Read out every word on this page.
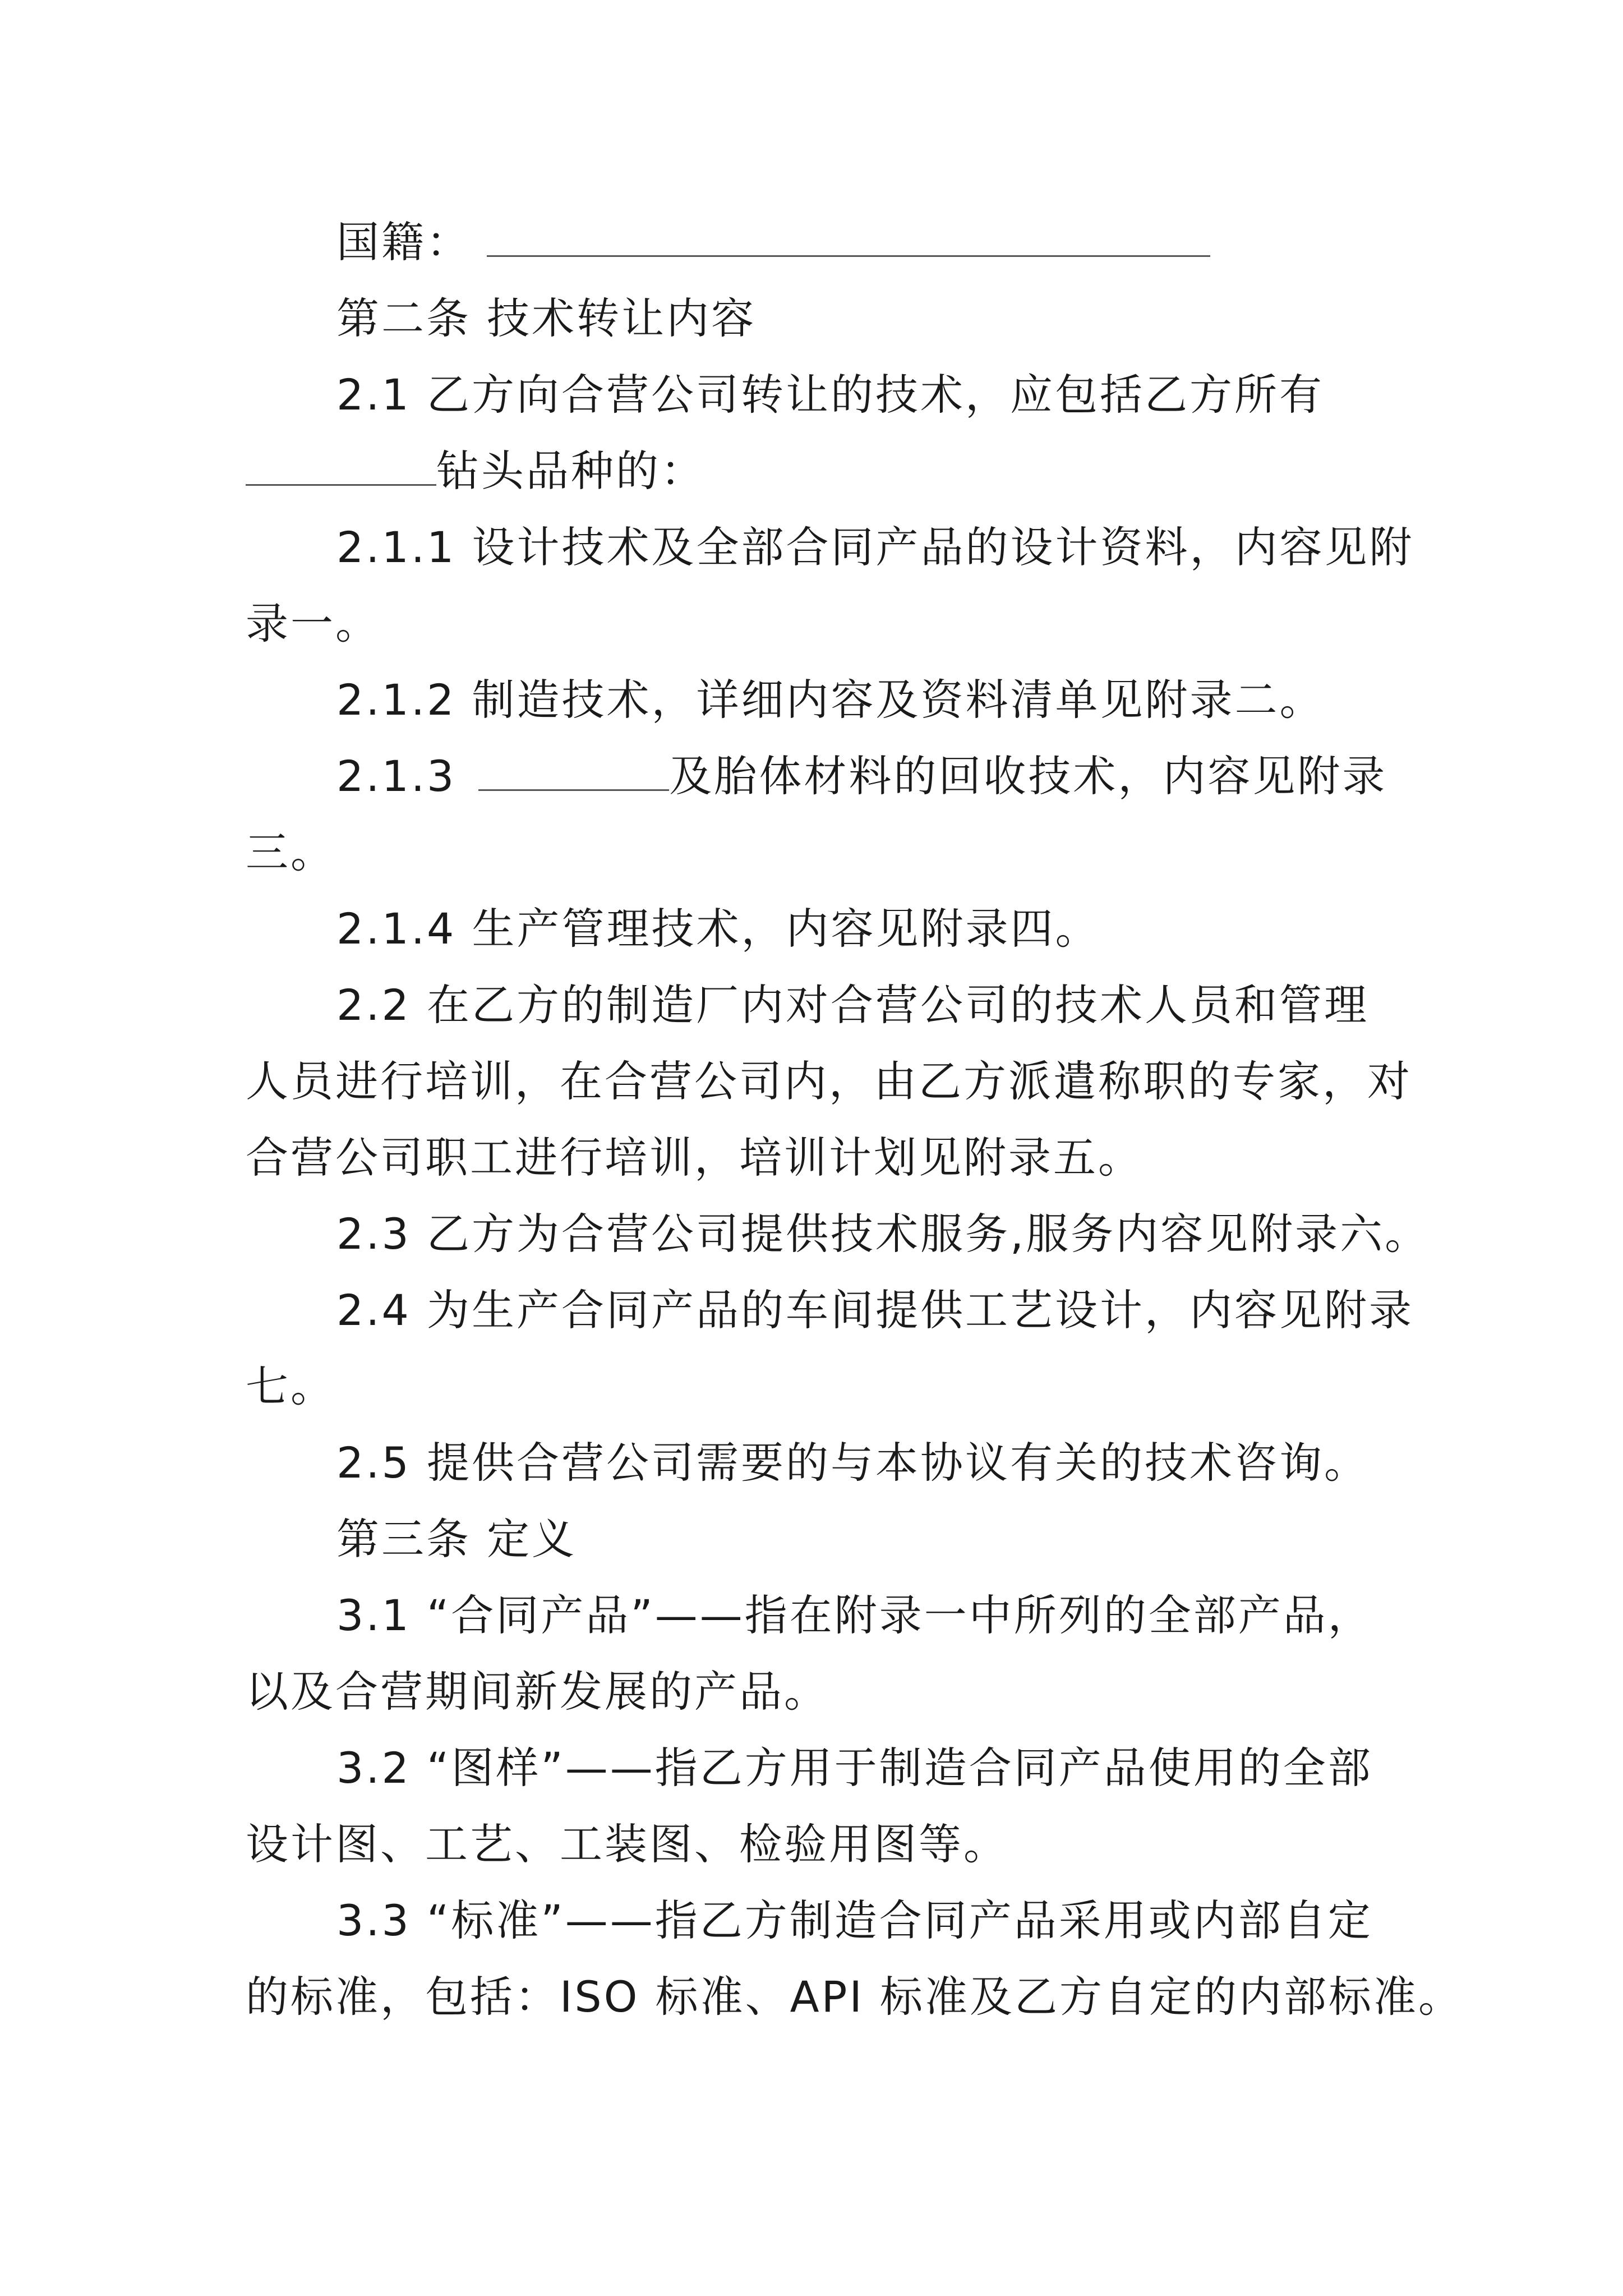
国籍：
第二条 技术转让内容
2.1 乙方向合营公司转让的技术，应包括乙方所有
钻头品种的：
2.1.1 设计技术及全部合同产品的设计资料，内容见附
录一。
2.1.2 制造技术，详细内容及资料清单见附录二。
2.1.3	及胎体材料的回收技术，内容见附录
三。
2.1.4 生产管理技术，内容见附录四。
2.2 在乙方的制造厂内对合营公司的技术人员和管理
人员进行培训，在合营公司内，由乙方派遣称职的专家，对
合营公司职工进行培训，培训计划见附录五。
2.3 乙方为合营公司提供技术服务,服务内容见附录六。
2.4 为生产合同产品的车间提供工艺设计，内容见附录
七。
2.5 提供合营公司需要的与本协议有关的技术咨询。
第三条 定义
3.1 “合同产品”——指在附录一中所列的全部产品，
以及合营期间新发展的产品。
3.2 “图样”——指乙方用于制造合同产品使用的全部
设计图、工艺、工装图、检验用图等。
3.3 “标准”——指乙方制造合同产品采用或内部自定
的标准，包括：ISO 标准、API 标准及乙方自定的内部标准。
